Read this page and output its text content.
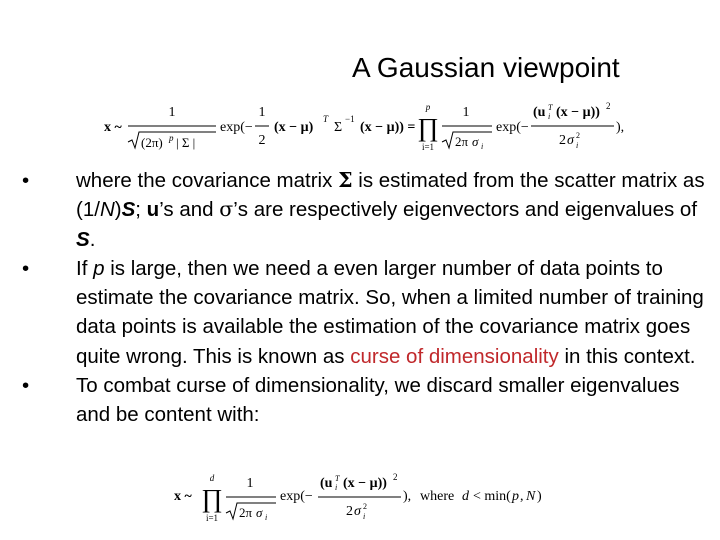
A Gaussian viewpoint
x ~
1
(2π) p | Σ |
exp(−
1
2
(x − μ)
T
Σ
−1
(x − μ)) =
p
∏
i=1
1
2π σ i
exp(−
(u i
T (x − μ)) 2
2 σ 2
i
),
•	where the covariance matrix Σ is estimated from the scatter matrix as (1/N)S; u’s and σ’s are respectively eigenvectors and eigenvalues of S.
•	If p is large, then we need a even larger number of data points to estimate the covariance matrix. So, when a limited number of training data points is available the estimation of the covariance matrix goes quite wrong. This is known as curse of dimensionality in this context.
•	To combat curse of dimensionality, we discard smaller eigenvalues and be content with:
x ~
d
∏
i=1
1
2π σ i
exp(−
(u i
T (x − μ)) 2
2 σ 2
i
), where d < min( p , N )
